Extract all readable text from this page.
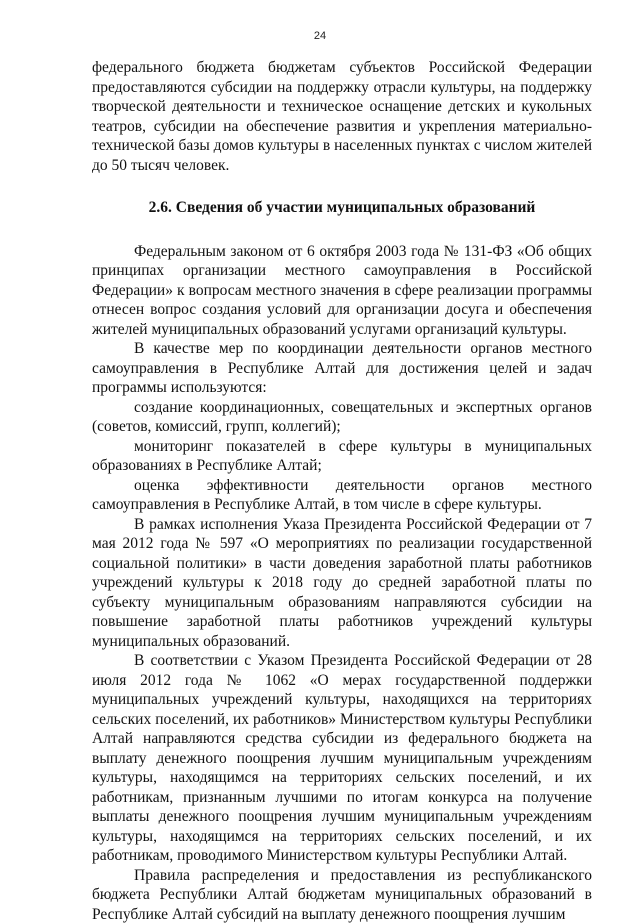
24

федерального бюджета бюджетам субъектов Российской Федерации предоставляются субсидии на поддержку отрасли культуры, на поддержку творческой деятельности и техническое оснащение детских и кукольных театров, субсидии на обеспечение развития и укрепления материально-технической базы домов культуры в населенных пунктах с числом жителей до 50 тысяч человек.

2.6. Сведения об участии муниципальных образований

Федеральным законом от 6 октября 2003 года № 131-ФЗ «Об общих принципах организации местного самоуправления в Российской Федерации» к вопросам местного значения в сфере реализации программы отнесен вопрос создания условий для организации досуга и обеспечения жителей муниципальных образований услугами организаций культуры.

В качестве мер по координации деятельности органов местного самоуправления в Республике Алтай для достижения целей и задач программы используются:

создание координационных, совещательных и экспертных органов (советов, комиссий, групп, коллегий);

мониторинг показателей в сфере культуры в муниципальных образованиях в Республике Алтай;

оценка эффективности деятельности органов местного самоуправления в Республике Алтай, в том числе в сфере культуры.

В рамках исполнения Указа Президента Российской Федерации от 7 мая 2012 года № 597 «О мероприятиях по реализации государственной социальной политики» в части доведения заработной платы работников учреждений культуры к 2018 году до средней заработной платы по субъекту муниципальным образованиям направляются субсидии на повышение заработной платы работников учреждений культуры муниципальных образований.

В соответствии с Указом Президента Российской Федерации от 28 июля 2012 года № 1062 «О мерах государственной поддержки муниципальных учреждений культуры, находящихся на территориях сельских поселений, их работников» Министерством культуры Республики Алтай направляются средства субсидии из федерального бюджета на выплату денежного поощрения лучшим муниципальным учреждениям культуры, находящимся на территориях сельских поселений, и их работникам, признанным лучшими по итогам конкурса на получение выплаты денежного поощрения лучшим муниципальным учреждениям культуры, находящимся на территориях сельских поселений, и их работникам, проводимого Министерством культуры Республики Алтай.

Правила распределения и предоставления из республиканского бюджета Республики Алтай бюджетам муниципальных образований в Республике Алтай субсидий на выплату денежного поощрения лучшим
